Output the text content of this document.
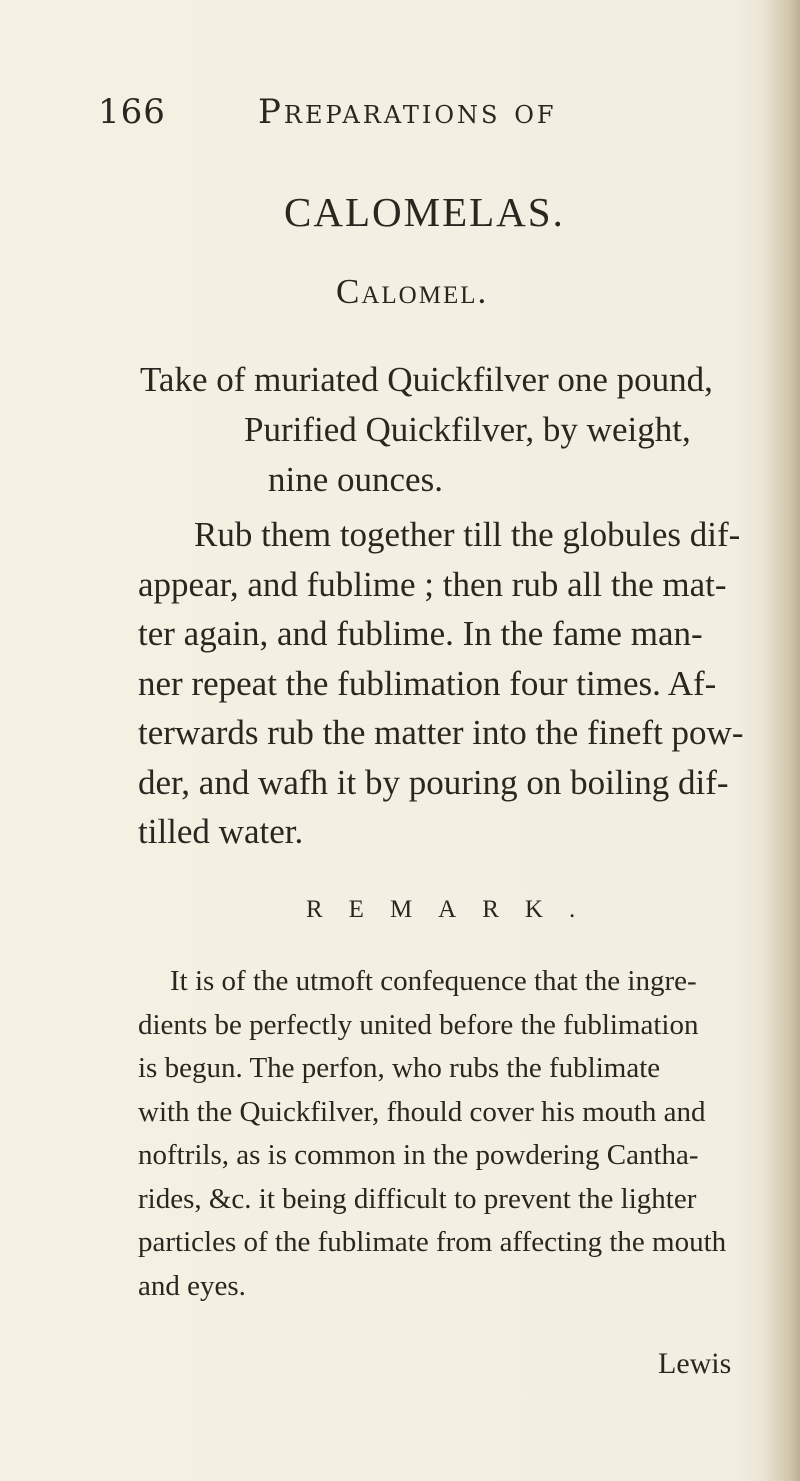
166	Preparations of
CALOMELAS.
Calomel.
Take of muriated Quickfilver one pound,
Purified Quickfilver, by weight,
nine ounces.
Rub them together till the globules dif-
appear, and fublime ; then rub all the mat-
ter again, and fublime. In the fame man-
ner repeat the fublimation four times. Af-
terwards rub the matter into the fineft pow-
der, and wafh it by pouring on boiling dif-
tilled water.
REMARK.
It is of the utmoft confequence that the ingre-
dients be perfectly united before the fublimation
is begun. The perfon, who rubs the fublimate
with the Quickfilver, fhould cover his mouth and
noftrils, as is common in the powdering Cantha-
rides, &c. it being difficult to prevent the lighter
particles of the fublimate from affecting the mouth
and eyes.
Lewis
